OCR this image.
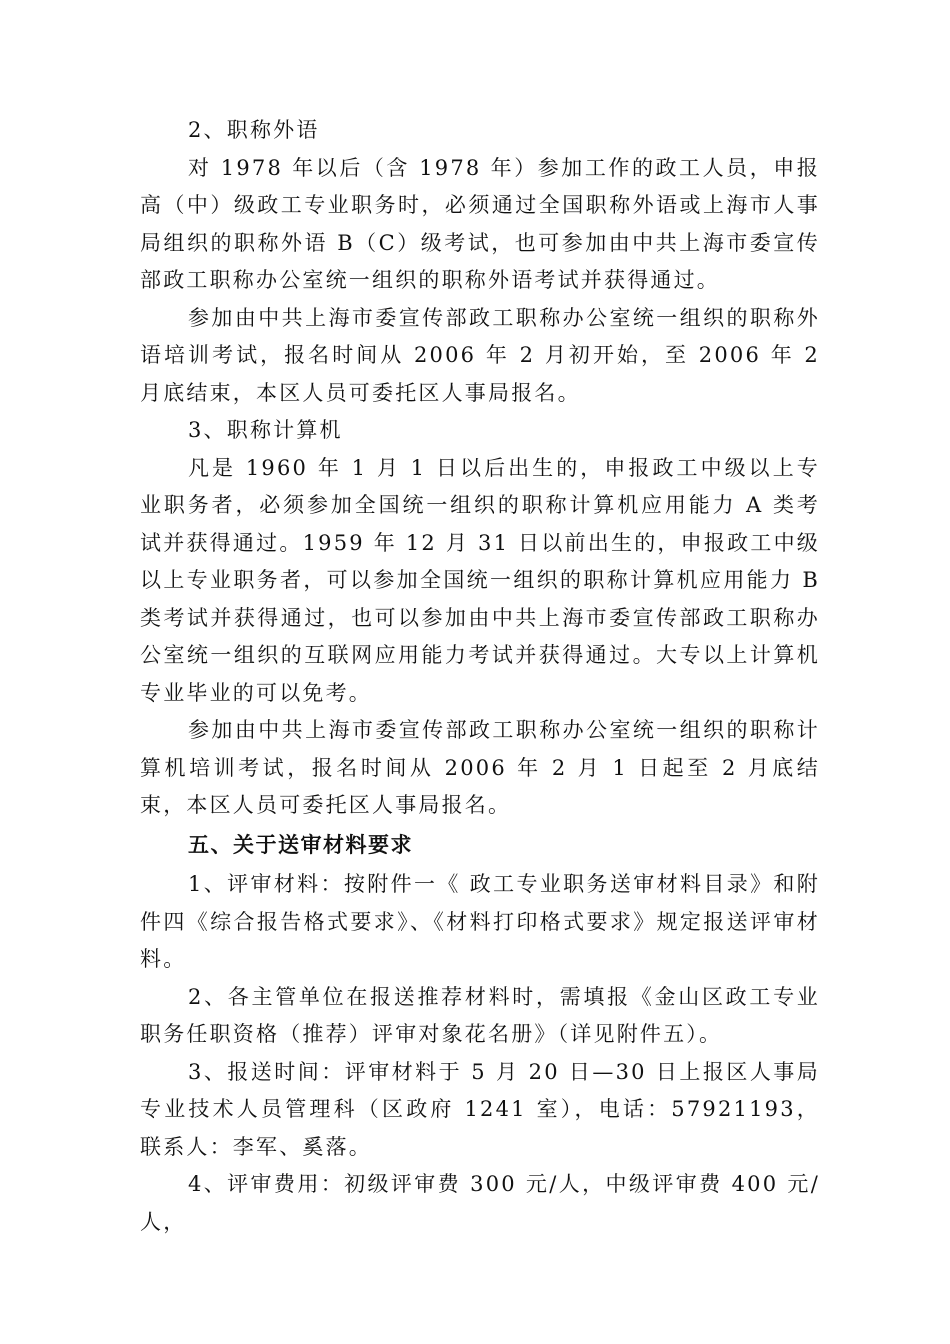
2、职称外语

对 1978 年以后（含 1978 年）参加工作的政工人员，申报高（中）级政工专业职务时，必须通过全国职称外语或上海市人事局组织的职称外语 B（C）级考试，也可参加由中共上海市委宣传部政工职称办公室统一组织的职称外语考试并获得通过。

参加由中共上海市委宣传部政工职称办公室统一组织的职称外语培训考试，报名时间从 2006 年 2 月初开始，至 2006 年 2 月底结束，本区人员可委托区人事局报名。

3、职称计算机

凡是 1960 年 1 月 1 日以后出生的，申报政工中级以上专业职务者，必须参加全国统一组织的职称计算机应用能力 A 类考试并获得通过。1959 年 12 月 31 日以前出生的，申报政工中级以上专业职务者，可以参加全国统一组织的职称计算机应用能力 B 类考试并获得通过，也可以参加由中共上海市委宣传部政工职称办公室统一组织的互联网应用能力考试并获得通过。大专以上计算机专业毕业的可以免考。

参加由中共上海市委宣传部政工职称办公室统一组织的职称计算机培训考试，报名时间从 2006 年 2 月 1 日起至 2 月底结束，本区人员可委托区人事局报名。

五、关于送审材料要求

1、评审材料：按附件一《 政工专业职务送审材料目录》和附件四《综合报告格式要求》、《材料打印格式要求》规定报送评审材料。

2、各主管单位在报送推荐材料时，需填报《金山区政工专业职务任职资格（推荐）评审对象花名册》（详见附件五）。

3、报送时间：评审材料于 5 月 20 日—30 日上报区人事局专业技术人员管理科（区政府 1241 室），电话：57921193，联系人：李军、奚落。

4、评审费用：初级评审费 300 元/人，中级评审费 400 元/人，
